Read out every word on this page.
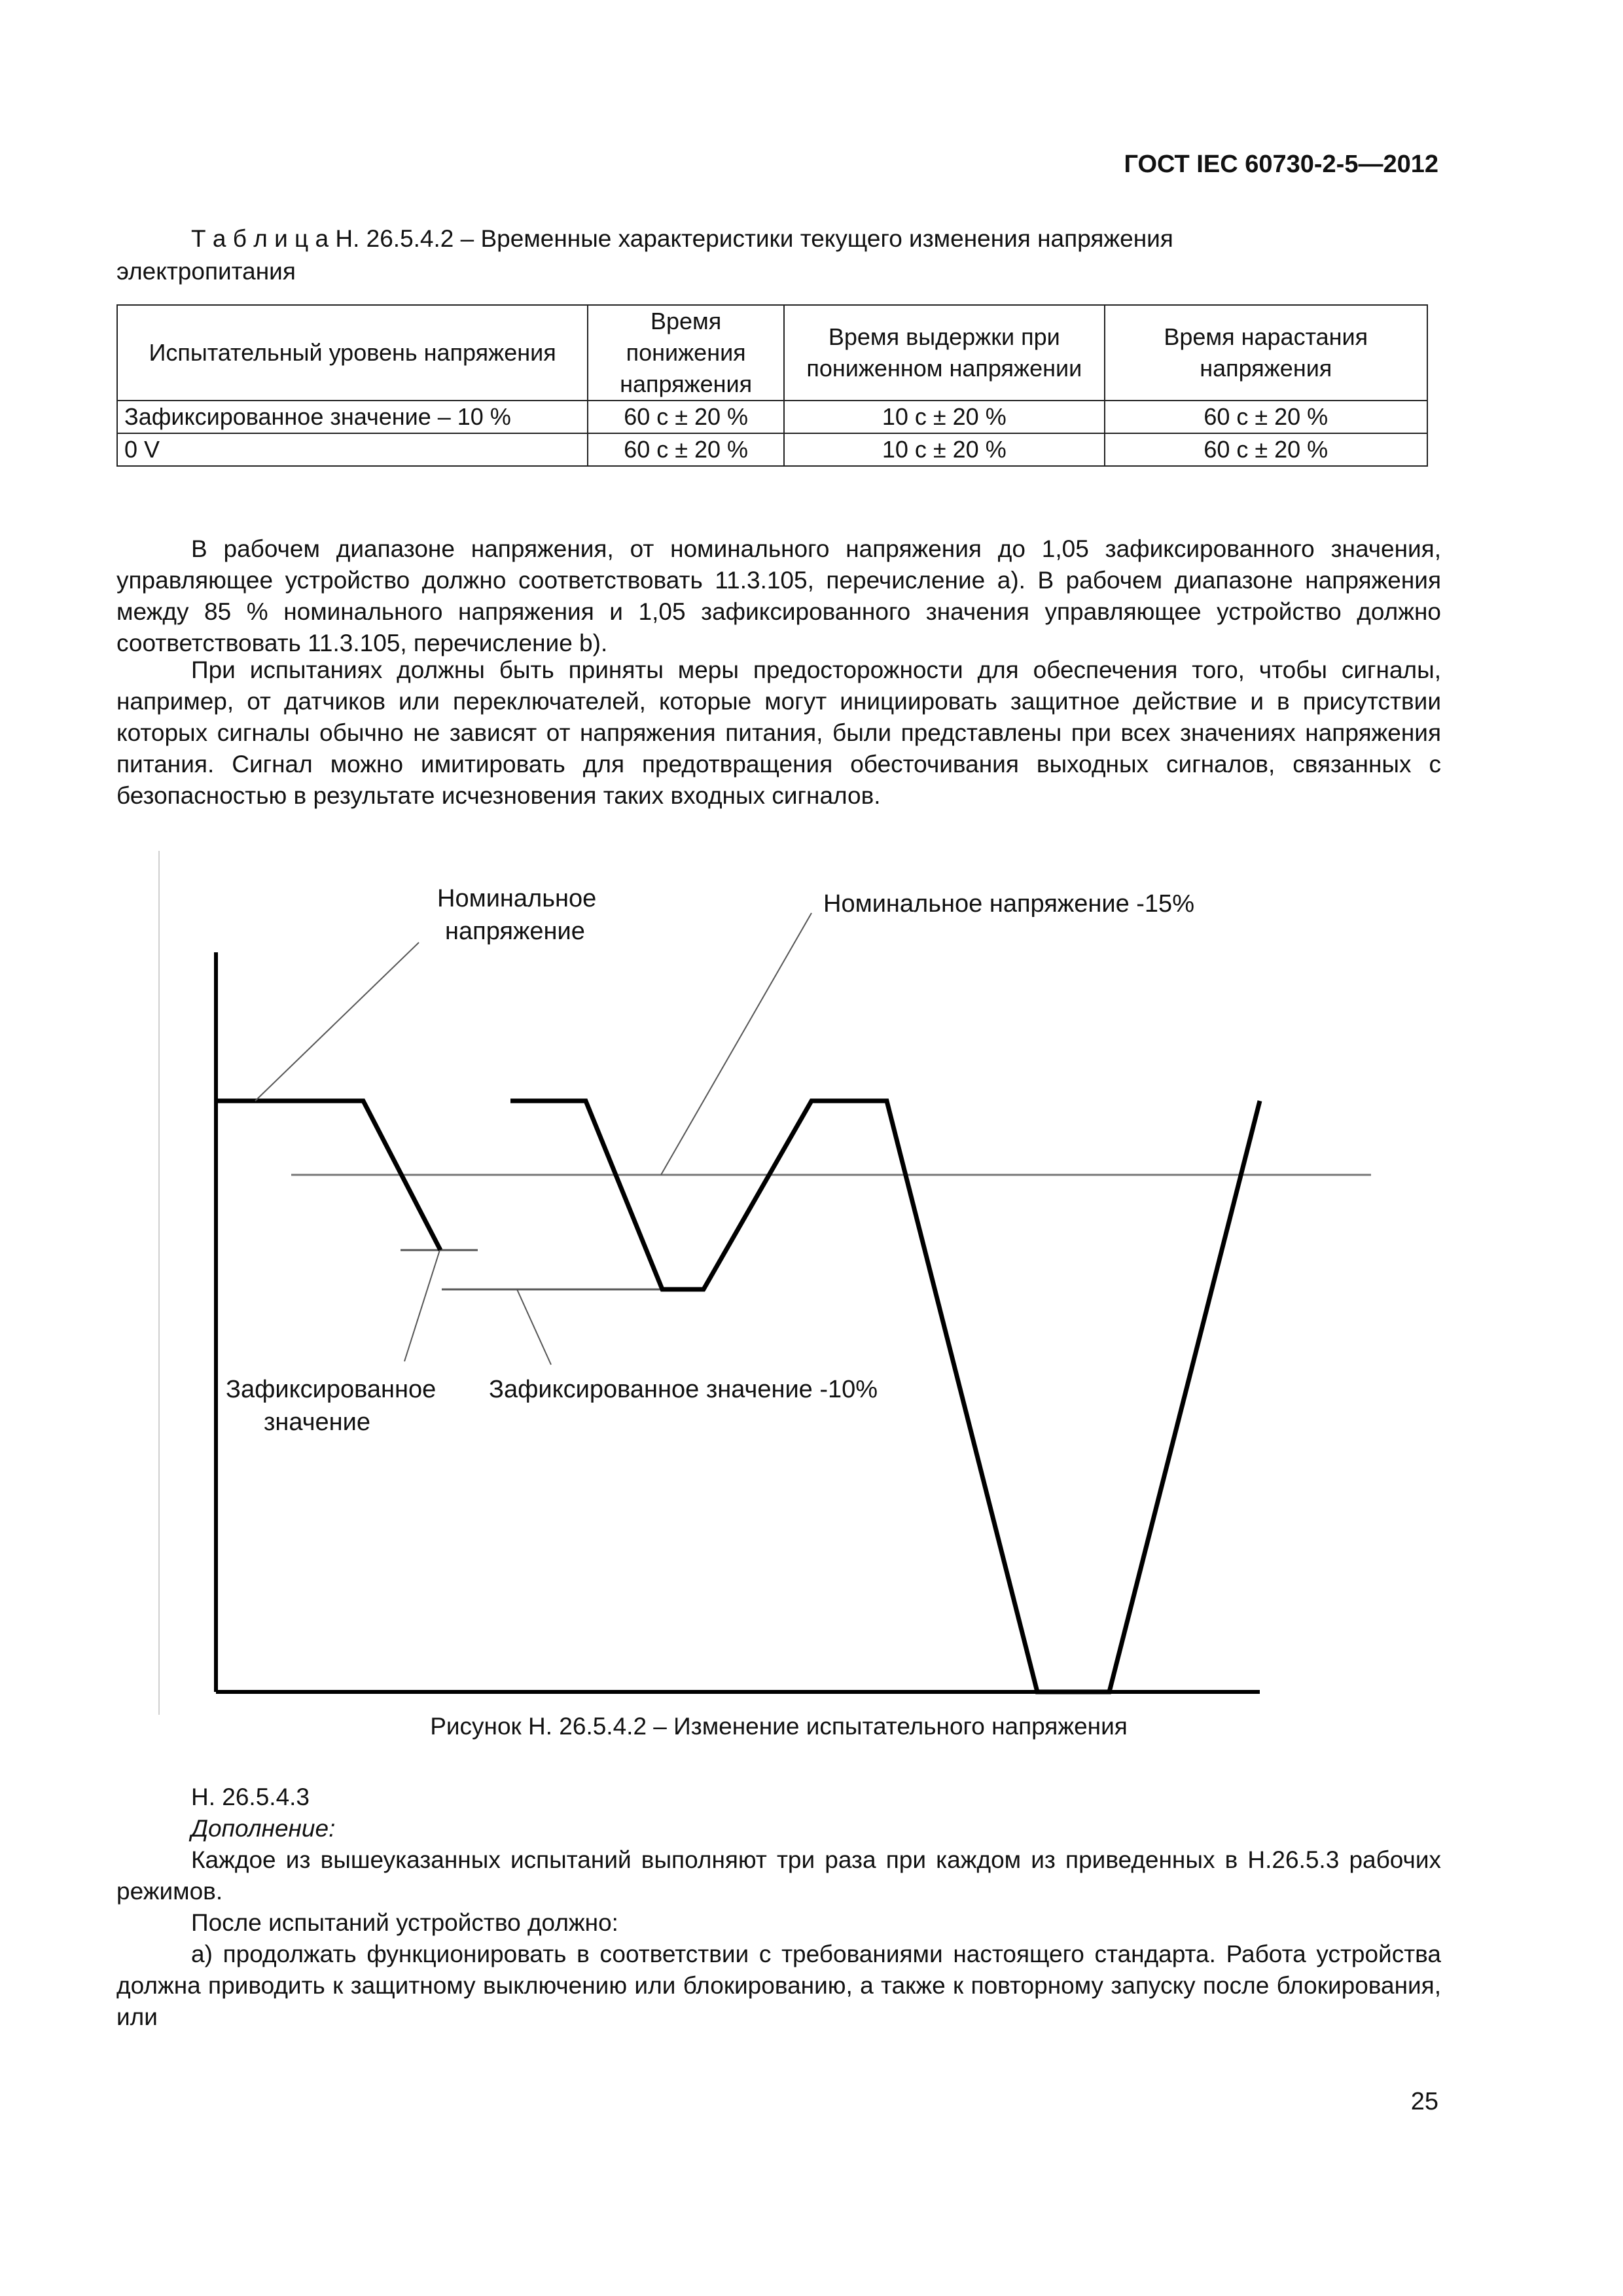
ГОСТ IEC 60730-2-5—2012
Т а б л и ц а Н. 26.5.4.2 – Временные характеристики текущего изменения напряжения
электропитания
Испытательный уровень напряжения	Время понижения напряжения	Время выдержки при пониженном напряжении	Время нарастания напряжения
Зафиксированное значение – 10 %	60 с ± 20 %	10 с ± 20 %	60 с ± 20 %
0 V	60 с ± 20 %	10 с ± 20 %	60 с ± 20 %
В рабочем диапазоне напряжения, от номинального напряжения до 1,05 зафиксированного значения, управляющее устройство должно соответствовать 11.3.105, перечисление а). В рабочем диапазоне напряжения между 85 % номинального напряжения и 1,05 зафиксированного значения управляющее устройство должно соответствовать 11.3.105, перечисление b).
При испытаниях должны быть приняты меры предосторожности для обеспечения того, чтобы сигналы, например, от датчиков или переключателей, которые могут инициировать защитное действие и в присутствии которых сигналы обычно не зависят от напряжения питания, были представлены при всех значениях напряжения питания. Сигнал можно имитировать для предотвращения обесточивания выходных сигналов, связанных с безопасностью в результате исчезновения таких входных сигналов.
Номинальное
напряжение
Номинальное напряжение -15%
Зафиксированное
значение
Зафиксированное значение -10%
Рисунок Н. 26.5.4.2 – Изменение испытательного напряжения
Н. 26.5.4.3
Дополнение:
Каждое из вышеуказанных испытаний выполняют три раза при каждом из приведенных в Н.26.5.3 рабочих режимов.
После испытаний устройство должно:
а) продолжать функционировать в соответствии с требованиями настоящего стандарта. Работа устройства должна приводить к защитному выключению или блокированию, а также к повторному запуску после блокирования, или
25
